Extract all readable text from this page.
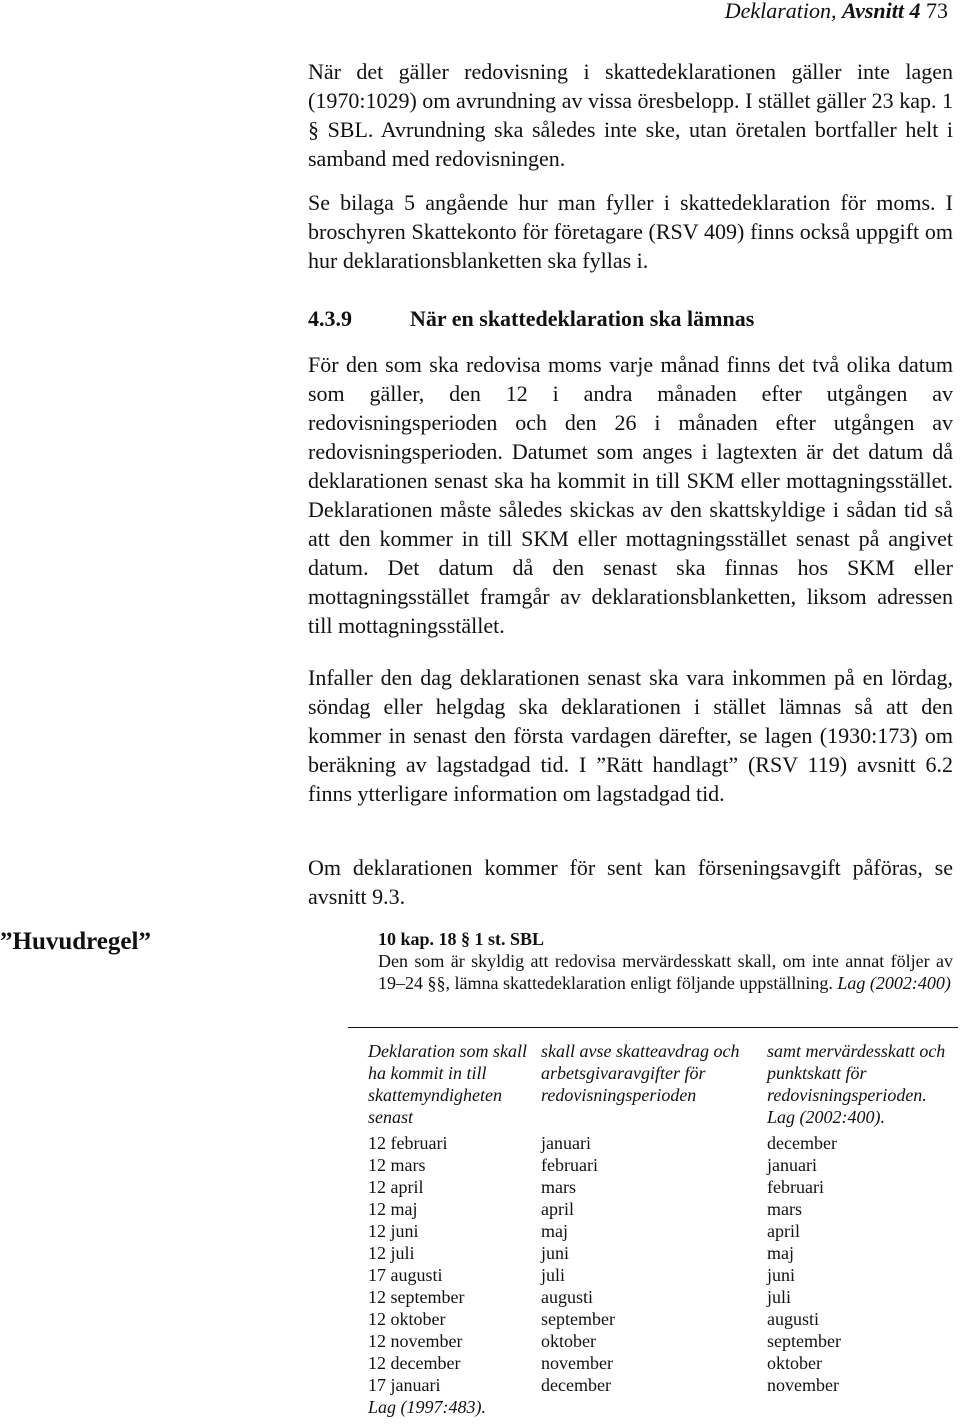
Deklaration, Avsnitt 4 73

När det gäller redovisning i skattedeklarationen gäller inte lagen (1970:1029) om avrundning av vissa öresbelopp. I stället gäller 23 kap. 1 § SBL. Avrundning ska således inte ske, utan öretalen bortfaller helt i samband med redovisningen.

Se bilaga 5 angående hur man fyller i skattedeklaration för moms. I broschyren Skattekonto för företagare (RSV 409) finns också uppgift om hur deklarationsblanketten ska fyllas i.

4.3.9	När en skattedeklaration ska lämnas

För den som ska redovisa moms varje månad finns det två olika datum som gäller, den 12 i andra månaden efter utgången av redovisningsperioden och den 26 i månaden efter utgången av redovisningsperioden. Datumet som anges i lagtexten är det datum då deklarationen senast ska ha kommit in till SKM eller mottagningsstället. Deklarationen måste således skickas av den skattskyldige i sådan tid så att den kommer in till SKM eller mottagningsstället senast på angivet datum. Det datum då den senast ska finnas hos SKM eller mottagningsstället framgår av deklarationsblanketten, liksom adressen till mottagningsstället.

Infaller den dag deklarationen senast ska vara inkommen på en lördag, söndag eller helgdag ska deklarationen i stället lämnas så att den kommer in senast den första vardagen därefter, se lagen (1930:173) om beräkning av lagstadgad tid. I ”Rätt handlagt” (RSV 119) avsnitt 6.2 finns ytterligare information om lagstadgad tid.

Om deklarationen kommer för sent kan förseningsavgift påföras, se avsnitt 9.3.

”Huvudregel”	10 kap. 18 § 1 st. SBL
Den som är skyldig att redovisa mervärdesskatt skall, om inte annat följer av 19–24 §§, lämna skattedeklaration enligt följande uppställning. Lag (2002:400)
Deklaration som skall ha kommit in till skattemyndigheten senast
12 februari
12 mars
12 april
12 maj
12 juni
12 juli
17 augusti
12 september
12 oktober
12 november
12 december
17 januari
Lag (1997:483).
skall avse skatteavdrag och arbetsgivaravgifter för redovisningsperioden
januari
februari
mars
april
maj
juni
juli
augusti
september
oktober
november
december
samt mervärdesskatt och punktskatt för redovisningsperioden. Lag (2002:400).
december
januari
februari
mars
april
maj
juni
juli
augusti
september
oktober
november
